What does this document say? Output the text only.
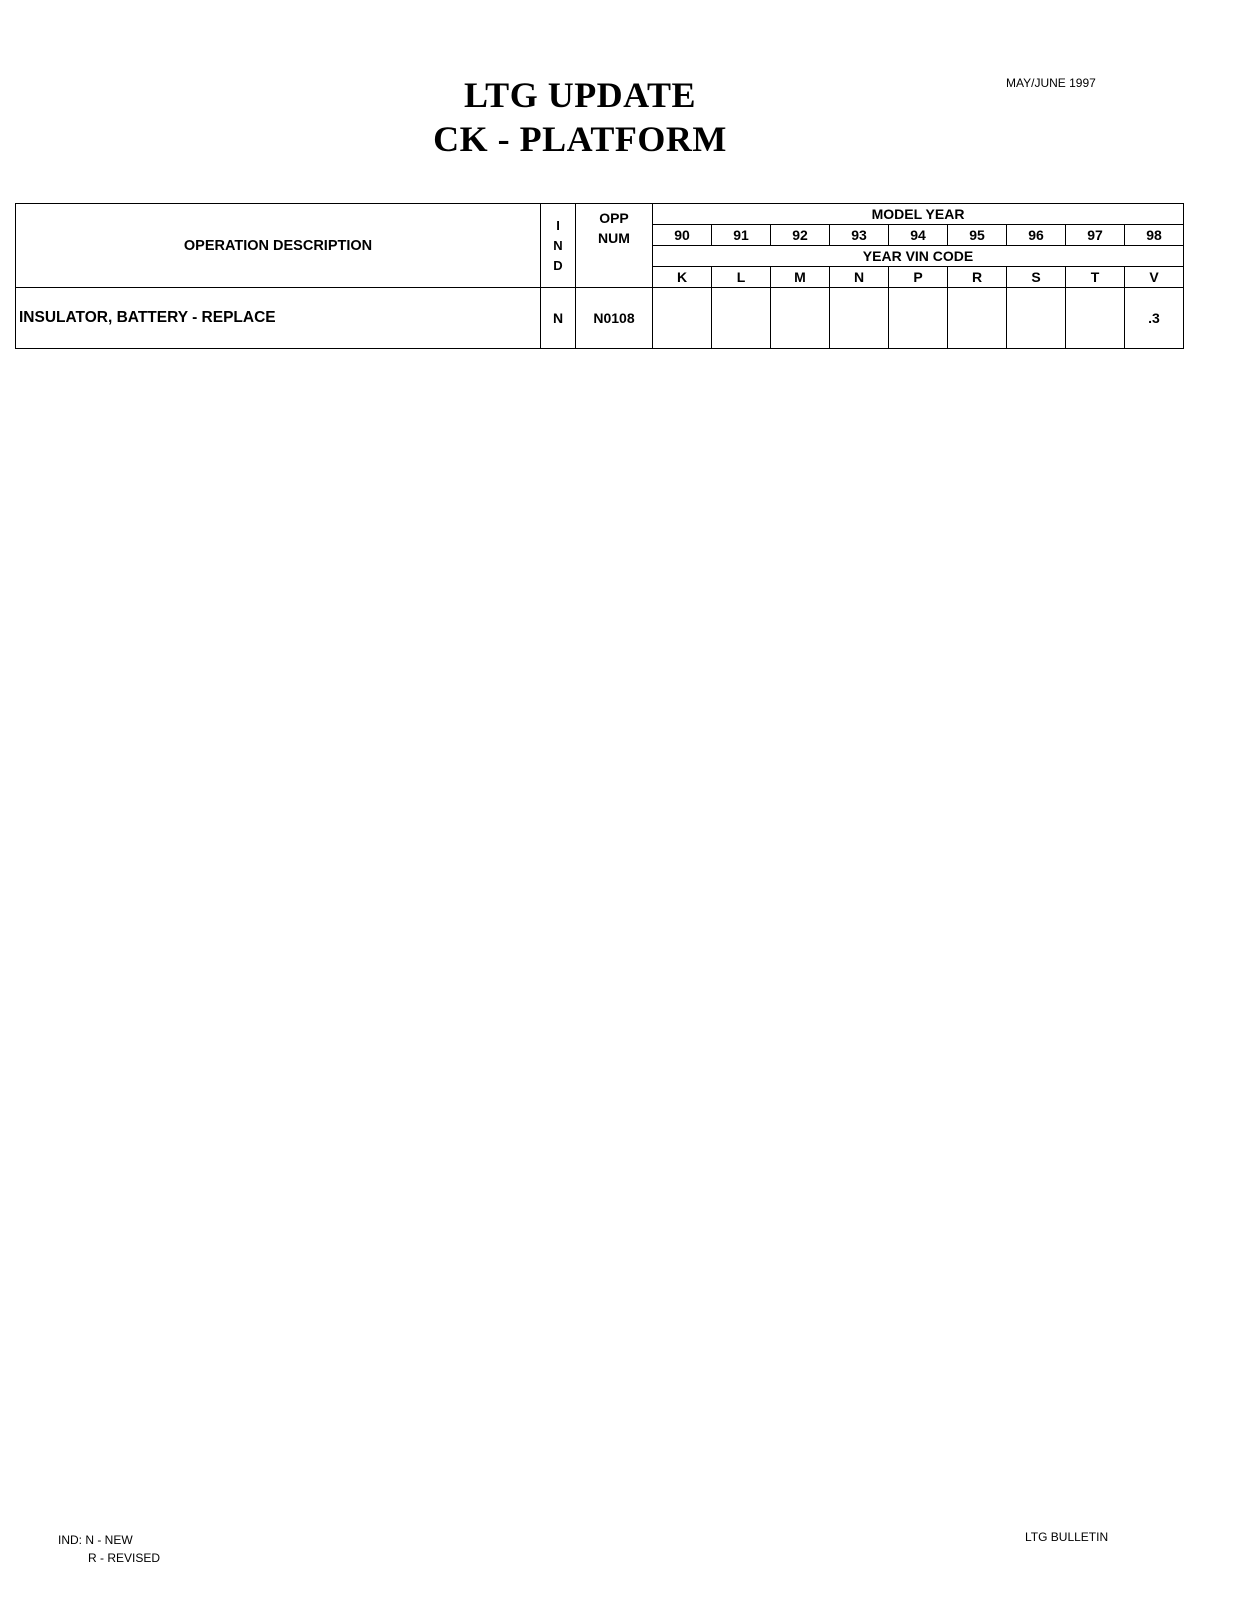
LTG UPDATE
CK - PLATFORM
MAY/JUNE 1997
OPERATION DESCRIPTION	I
N
D	OPP
NUM	MODEL YEAR								
			90	91	92	93	94	95	96	97	98
			YEAR VIN CODE								
			K	L	M	N	P	R	S	T	V
INSULATOR, BATTERY - REPLACE	N	N0108									.3
IND: N - NEW
R - REVISED
LTG BULLETIN
